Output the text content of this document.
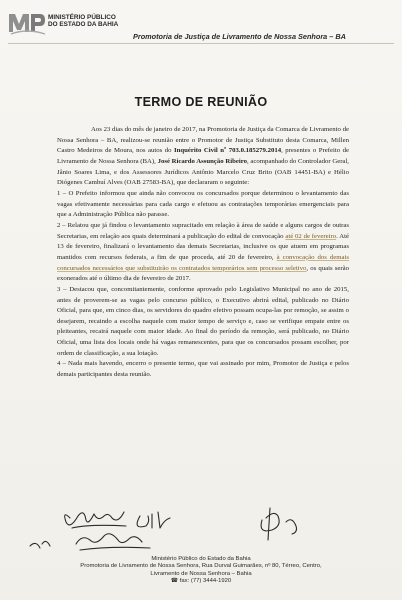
MINISTÉRIO PÚBLICO
DO ESTADO DA BAHIA
Promotoria de Justiça de Livramento de Nossa Senhora – BA
TERMO DE REUNIÃO

Aos 23 dias do mês de janeiro de 2017, na Promotoria de Justiça da Comarca de Livramento de Nossa Senhora – BA, realizou-se reunião entre o Promotor de Justiça Substituto desta Comarca, Millen Castro Medeiros de Moura, nos autos do Inquérito Civil nº 703.0.185279.2014, presentes o Prefeito de Livramento de Nossa Senhora (BA), José Ricardo Assunção Ribeiro, acompanhado do Controlador Geral, Jânio Soares Lima, e dos Assessores Jurídicos Antônio Marcelo Cruz Brito (OAB 14451-BA) e Hélio Diógenes Cambuí Alves (OAB 27583-BA), que declararam o seguinte:

1 – O Prefeito informou que ainda não convocou os concursados porque determinou o levantamento das vagas efetivamente necessárias para cada cargo e efetuou as contratações temporárias emergenciais para que a Administração Pública não parasse.

2 – Relatou que já findou o levantamento supracitado em relação à área de saúde e alguns cargos de outras Secretarias, em relação aos quais determinará a publicação do edital de convocação até 02 de fevereiro. Até 13 de fevereiro, finalizará o levantamento das demais Secretarias, inclusive os que atuem em programas mantidos com recursos federais, a fim de que proceda, até 20 de fevereiro, à convocação dos demais concursados necessários que substituirão os contratados temporários sem processo seletivo, os quais serão exonerados até o último dia de fevereiro de 2017.

3 – Destacou que, concomitantemente, conforme aprovado pelo Legislativo Municipal no ano de 2015, antes de proverem-se as vagas pelo concurso público, o Executivo abrirá edital, publicado no Diário Oficial, para que, em cinco dias, os servidores do quadro efetivo possam ocupa-las por remoção, se assim o desejarem, recaindo a escolha naquele com maior tempo de serviço e, caso se verifique empate entre os pleiteantes, recairá naquele com maior idade. Ao final do período da remoção, será publicado, no Diário Oficial, uma lista dos locais onde há vagas remanescentes, para que os concursados possam escolher, por ordem de classificação, a sua lotação.

4 – Nada mais havendo, encerro o presente termo, que vai assinado por mim, Promotor de Justiça e pelos demais participantes desta reunião.

Ministério Público do Estado da Bahia
Promotoria de Livramento de Nossa Senhora, Rua Durval Guimarães, nº 80, Térreo, Centro,
Livramento de Nossa Senhora – Bahia
☎ fax: (77) 3444-1920
